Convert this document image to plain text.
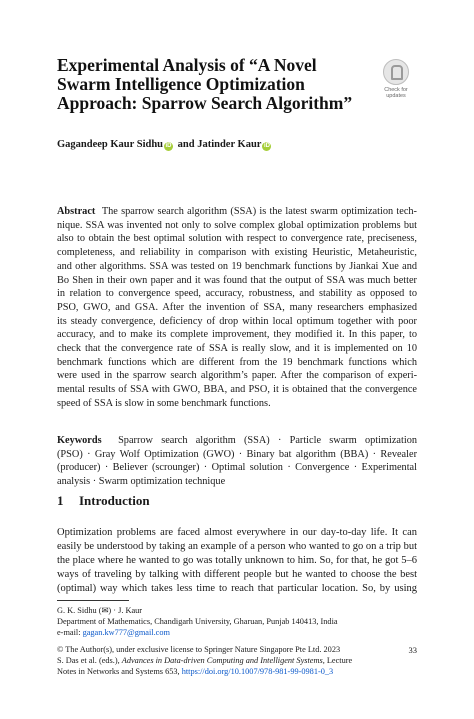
Experimental Analysis of “A Novel
Swarm Intelligence Optimization
Approach: Sparrow Search Algorithm”
Check for
updates
Gagandeep Kaur Sidhu iD and Jatinder Kaur iD
Abstract The sparrow search algorithm (SSA) is the latest swarm optimization tech-
nique. SSA was invented not only to solve complex global optimization problems but
also to obtain the best optimal solution with respect to convergence rate, preciseness,
completeness, and reliability in comparison with existing Heuristic, Metaheuristic,
and other algorithms. SSA was tested on 19 benchmark functions by Jiankai Xue and
Bo Shen in their own paper and it was found that the output of SSA was much better
in relation to convergence speed, accuracy, robustness, and stability as opposed to
PSO, GWO, and GSA. After the invention of SSA, many researchers emphasized
its steady convergence, deficiency of drop within local optimum together with poor
accuracy, and to make its complete improvement, they modified it. In this paper, to
check that the convergence rate of SSA is really slow, and it is implemented on 10
benchmark functions which are different from the 19 benchmark functions which
were used in the sparrow search algorithm’s paper. After the comparison of experi-
mental results of SSA with GWO, BBA, and PSO, it is obtained that the convergence
speed of SSA is slow in some benchmark functions.
Keywords Sparrow search algorithm (SSA) · Particle swarm optimization
(PSO) · Gray Wolf Optimization (GWO) · Binary bat algorithm (BBA) · Revealer
(producer) · Believer (scrounger) · Optimal solution · Convergence · Experimental
analysis · Swarm optimization technique
1 Introduction
Optimization problems are faced almost everywhere in our day-to-day life. It can
easily be understood by taking an example of a person who wanted to go on a trip but
the place where he wanted to go was totally unknown to him. So, for that, he got 5–6
ways of traveling by talking with different people but he wanted to choose the best
(optimal) way which takes less time to reach that particular location. So, by using
G. K. Sidhu (✉) · J. Kaur
Department of Mathematics, Chandigarh University, Gharuan, Punjab 140413, India
e-mail: gagan.kw777@gmail.com
© The Author(s), under exclusive license to Springer Nature Singapore Pte Ltd. 2023
S. Das et al. (eds.), Advances in Data-driven Computing and Intelligent Systems, Lecture
Notes in Networks and Systems 653, https://doi.org/10.1007/978-981-99-0981-0_3
33
